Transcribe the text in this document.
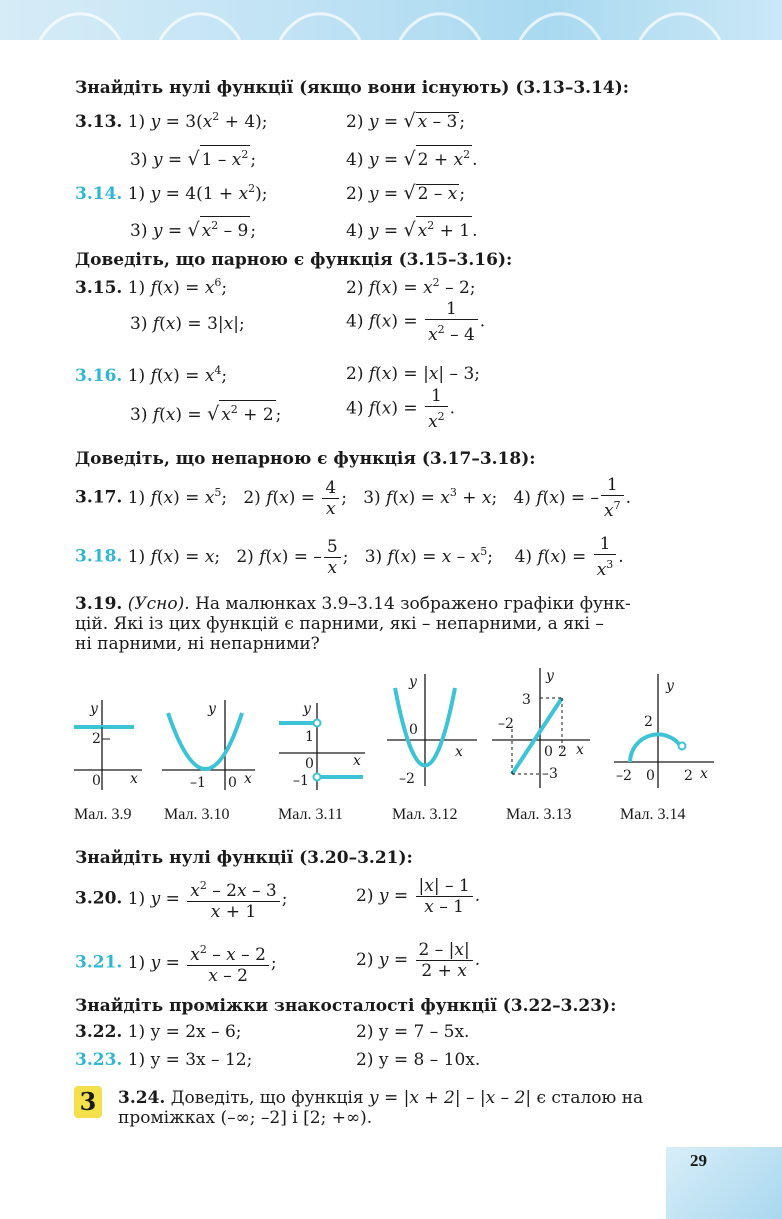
Знайдіть нулі функції (якщо вони існують) (3.13–3.14):
3.13. 1) $y = 3(x^2 + 4)$;	2) y = √ x – 3 ;
3) y = √ $1 - x^2$ ;	4) y = √ $2 + x^2$ .
3.14. 1) $y = 4(1 + x^2)$;	2) y = √ 2 – x ;
3) y = √ $x^2 - 9$ ;	4) y = √ $x^2 + 1$ .
Доведіть, що парною є функція (3.15–3.16):
3.15. 1) $f(x) = x^6$;	2) $f(x) = x^2 - 2$;
3) f(x) = 3|x|;	4) $f(x) = \frac{1}{x^2 - 4}$ .
3.16. 1) $f(x) = x^4$;	2) f(x) = |x| – 3;
3) f(x) = √ $x^2 + 2$ ;	4) $f(x) = \frac{1}{x^2}$ .
Доведіть, що непарною є функція (3.17–3.18):
3.17. 1) $f(x) = x^5$;   2) $f(x) = \frac{4}{x}$ ;   3) $f(x) = x^3 + x$;   4) f(x) = – $\frac{1}{x^7}$ .
3.18. 1) f(x) = x;   2) f(x) = – $\frac{5}{x}$ ;   3) $f(x) = x - x^5$;    4) $f(x) = \frac{1}{x^3}$ .
3.19. (Усно). На малюнках 3.9–3.14 зображено графіки функ-
цій. Які із цих функцій є парними, які – непарними, а які –
ні парними, ні непарними?
y
2
0 x
y
–1 0 x
y
1
0
–1
x
y
0
x
–2
y
3
–2
0 2 x
–3
y
2
–2 0 2 x
Мал. 3.9 Мал. 3.10	Мал. 3.11	Мал. 3.12	Мал. 3.13	Мал. 3.14
Знайдіть нулі функції (3.20–3.21):
3.20. 1) $y = \frac{x^2 - 2x - 3}{x + 1}$ ;	2) $y = \frac{|x| - 1}{x - 1}$ .
3.21. 1) $y = \frac{x^2 - x - 2}{x - 2}$ ;	2) $y = \frac{2 - |x|}{2 + x}$ .
Знайдіть проміжки знакосталості функції (3.22–3.23):
3.22. 1) y = 2x – 6;	2) y = 7 – 5x.
3.23. 1) y = 3x – 12;	2) y = 8 – 10x.
3	3.24. Доведіть, що функція y = |x + 2| – |x – 2| є сталою на
проміжках (–∞; –2] і [2; +∞).
29
